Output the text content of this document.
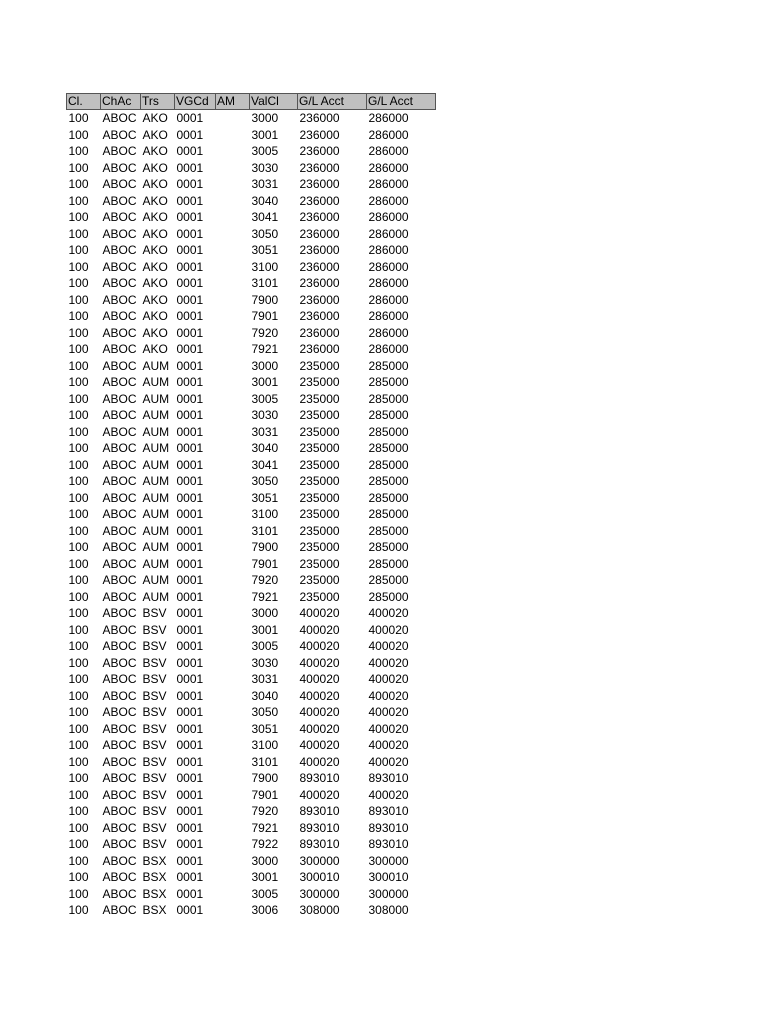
Cl.	ChAc	Trs	VGCd	AM	ValCl	G/L Acct	G/L Acct
100	ABOC	AKO	0001		3000	236000	286000
100	ABOC	AKO	0001		3001	236000	286000
100	ABOC	AKO	0001		3005	236000	286000
100	ABOC	AKO	0001		3030	236000	286000
100	ABOC	AKO	0001		3031	236000	286000
100	ABOC	AKO	0001		3040	236000	286000
100	ABOC	AKO	0001		3041	236000	286000
100	ABOC	AKO	0001		3050	236000	286000
100	ABOC	AKO	0001		3051	236000	286000
100	ABOC	AKO	0001		3100	236000	286000
100	ABOC	AKO	0001		3101	236000	286000
100	ABOC	AKO	0001		7900	236000	286000
100	ABOC	AKO	0001		7901	236000	286000
100	ABOC	AKO	0001		7920	236000	286000
100	ABOC	AKO	0001		7921	236000	286000
100	ABOC	AUM	0001		3000	235000	285000
100	ABOC	AUM	0001		3001	235000	285000
100	ABOC	AUM	0001		3005	235000	285000
100	ABOC	AUM	0001		3030	235000	285000
100	ABOC	AUM	0001		3031	235000	285000
100	ABOC	AUM	0001		3040	235000	285000
100	ABOC	AUM	0001		3041	235000	285000
100	ABOC	AUM	0001		3050	235000	285000
100	ABOC	AUM	0001		3051	235000	285000
100	ABOC	AUM	0001		3100	235000	285000
100	ABOC	AUM	0001		3101	235000	285000
100	ABOC	AUM	0001		7900	235000	285000
100	ABOC	AUM	0001		7901	235000	285000
100	ABOC	AUM	0001		7920	235000	285000
100	ABOC	AUM	0001		7921	235000	285000
100	ABOC	BSV	0001		3000	400020	400020
100	ABOC	BSV	0001		3001	400020	400020
100	ABOC	BSV	0001		3005	400020	400020
100	ABOC	BSV	0001		3030	400020	400020
100	ABOC	BSV	0001		3031	400020	400020
100	ABOC	BSV	0001		3040	400020	400020
100	ABOC	BSV	0001		3050	400020	400020
100	ABOC	BSV	0001		3051	400020	400020
100	ABOC	BSV	0001		3100	400020	400020
100	ABOC	BSV	0001		3101	400020	400020
100	ABOC	BSV	0001		7900	893010	893010
100	ABOC	BSV	0001		7901	400020	400020
100	ABOC	BSV	0001		7920	893010	893010
100	ABOC	BSV	0001		7921	893010	893010
100	ABOC	BSV	0001		7922	893010	893010
100	ABOC	BSX	0001		3000	300000	300000
100	ABOC	BSX	0001		3001	300010	300010
100	ABOC	BSX	0001		3005	300000	300000
100	ABOC	BSX	0001		3006	308000	308000
